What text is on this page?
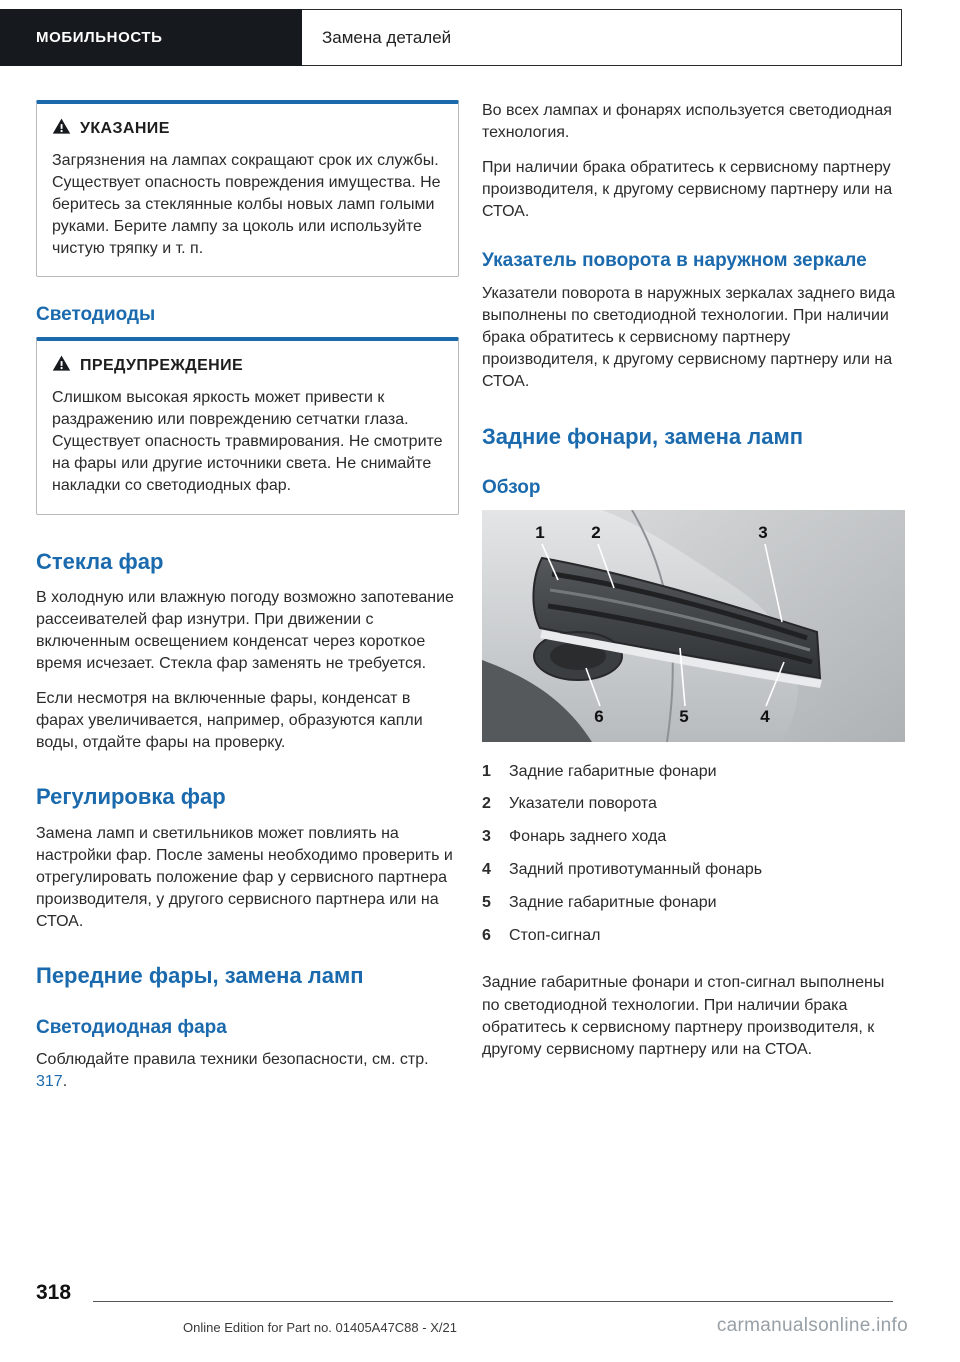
МОБИЛЬНОСТЬ	Замена деталей
УКАЗАНИЕ

Загрязнения на лампах сокращают срок их службы. Существует опасность повреждения имущества. Не беритесь за стеклянные колбы новых ламп голыми руками. Берите лампу за цоколь или используйте чистую тряпку и т. п.

Светодиоды
ПРЕДУПРЕЖДЕНИЕ

Слишком высокая яркость может привести к раздражению или повреждению сетчатки глаза. Существует опасность травмирования. Не смотрите на фары или другие источники света. Не снимайте накладки со светодиодных фар.

Стекла фар

В холодную или влажную погоду возможно запотевание рассеивателей фар изнутри. При движении с включенным освещением конденсат через короткое время исчезает. Стекла фар заменять не требуется.

Если несмотря на включенные фары, конденсат в фарах увеличивается, например, образуются капли воды, отдайте фары на проверку.

Регулировка фар

Замена ламп и светильников может повлиять на настройки фар. После замены необходимо проверить и отрегулировать положение фар у сервисного партнера производителя, у другого сервисного партнера или на СТОА.

Передние фары, замена ламп
Светодиодная фара

Соблюдайте правила техники безопасности, см. стр. 317.

Во всех лампах и фонарях используется светодиодная технология.

При наличии брака обратитесь к сервисному партнеру производителя, к другому сервисному партнеру или на СТОА.

Указатель поворота в наружном зеркале

Указатели поворота в наружных зеркалах заднего вида выполнены по светодиодной технологии. При наличии брака обратитесь к сервисному партнеру производителя, к другому сервисному партнеру или на СТОА.

Задние фонари, замена ламп
Обзор
1	2	3
6	5	4
1	Задние габаритные фонари
2	Указатели поворота
3	Фонарь заднего хода
4	Задний противотуманный фонарь
5	Задние габаритные фонари
6	Стоп-сигнал

Задние габаритные фонари и стоп-сигнал выполнены по светодиодной технологии. При наличии брака обратитесь к сервисному партнеру производителя, к другому сервисному партнеру или на СТОА.

318
Online Edition for Part no. 01405A47C88 - X/21	carmanualsonline.info
